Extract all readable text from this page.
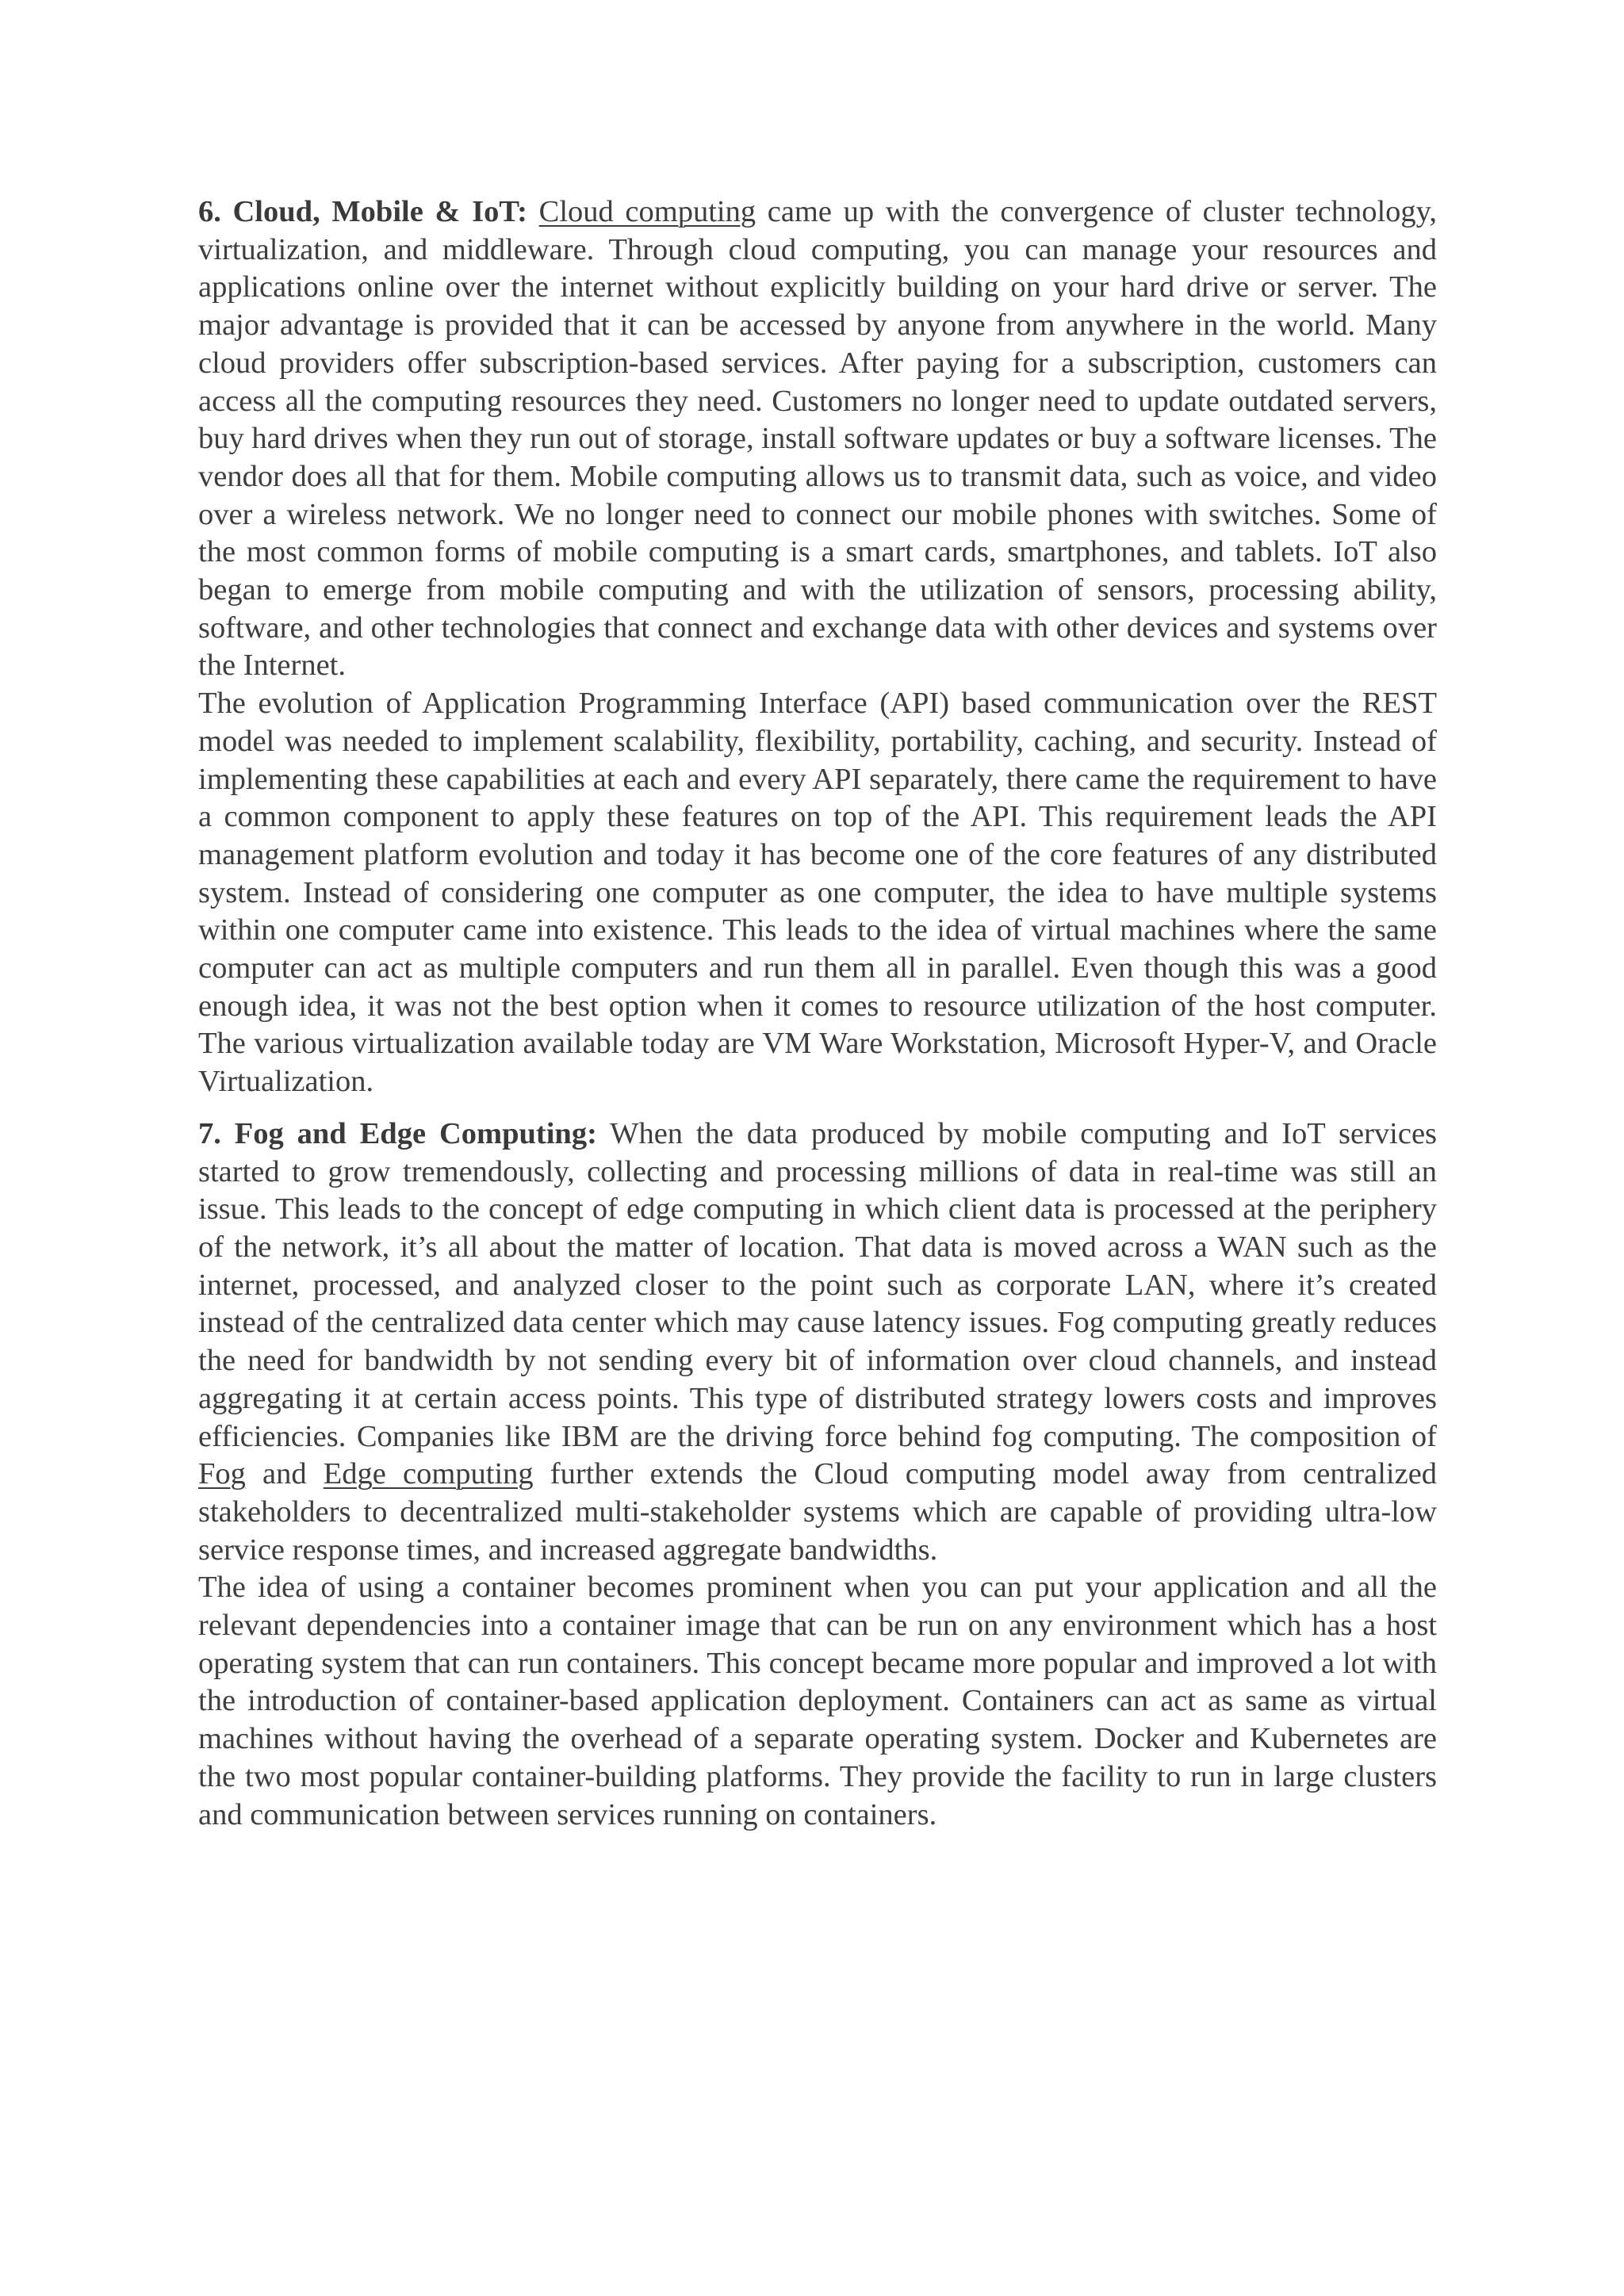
6. Cloud, Mobile & IoT: Cloud computing came up with the convergence of cluster technology, virtualization, and middleware. Through cloud computing, you can manage your resources and applications online over the internet without explicitly building on your hard drive or server. The major advantage is provided that it can be accessed by anyone from anywhere in the world. Many cloud providers offer subscription-based services. After paying for a subscription, customers can access all the computing resources they need. Customers no longer need to update outdated servers, buy hard drives when they run out of storage, install software updates or buy a software licenses. The vendor does all that for them. Mobile computing allows us to transmit data, such as voice, and video over a wireless network. We no longer need to connect our mobile phones with switches. Some of the most common forms of mobile computing is a smart cards, smartphones, and tablets. IoT also began to emerge from mobile computing and with the utilization of sensors, processing ability, software, and other technologies that connect and exchange data with other devices and systems over the Internet.

The evolution of Application Programming Interface (API) based communication over the REST model was needed to implement scalability, flexibility, portability, caching, and security. Instead of implementing these capabilities at each and every API separately, there came the requirement to have a common component to apply these features on top of the API. This requirement leads the API management platform evolution and today it has become one of the core features of any distributed system. Instead of considering one computer as one computer, the idea to have multiple systems within one computer came into existence. This leads to the idea of virtual machines where the same computer can act as multiple computers and run them all in parallel. Even though this was a good enough idea, it was not the best option when it comes to resource utilization of the host computer. The various virtualization available today are VM Ware Workstation, Microsoft Hyper-V, and Oracle Virtualization.

7. Fog and Edge Computing: When the data produced by mobile computing and IoT services started to grow tremendously, collecting and processing millions of data in real-time was still an issue. This leads to the concept of edge computing in which client data is processed at the periphery of the network, it’s all about the matter of location. That data is moved across a WAN such as the internet, processed, and analyzed closer to the point such as corporate LAN, where it’s created instead of the centralized data center which may cause latency issues. Fog computing greatly reduces the need for bandwidth by not sending every bit of information over cloud channels, and instead aggregating it at certain access points. This type of distributed strategy lowers costs and improves efficiencies. Companies like IBM are the driving force behind fog computing. The composition of Fog and Edge computing further extends the Cloud computing model away from centralized stakeholders to decentralized multi-stakeholder systems which are capable of providing ultra-low service response times, and increased aggregate bandwidths.

The idea of using a container becomes prominent when you can put your application and all the relevant dependencies into a container image that can be run on any environment which has a host operating system that can run containers. This concept became more popular and improved a lot with the introduction of container-based application deployment. Containers can act as same as virtual machines without having the overhead of a separate operating system. Docker and Kubernetes are the two most popular container-building platforms. They provide the facility to run in large clusters and communication between services running on containers.
